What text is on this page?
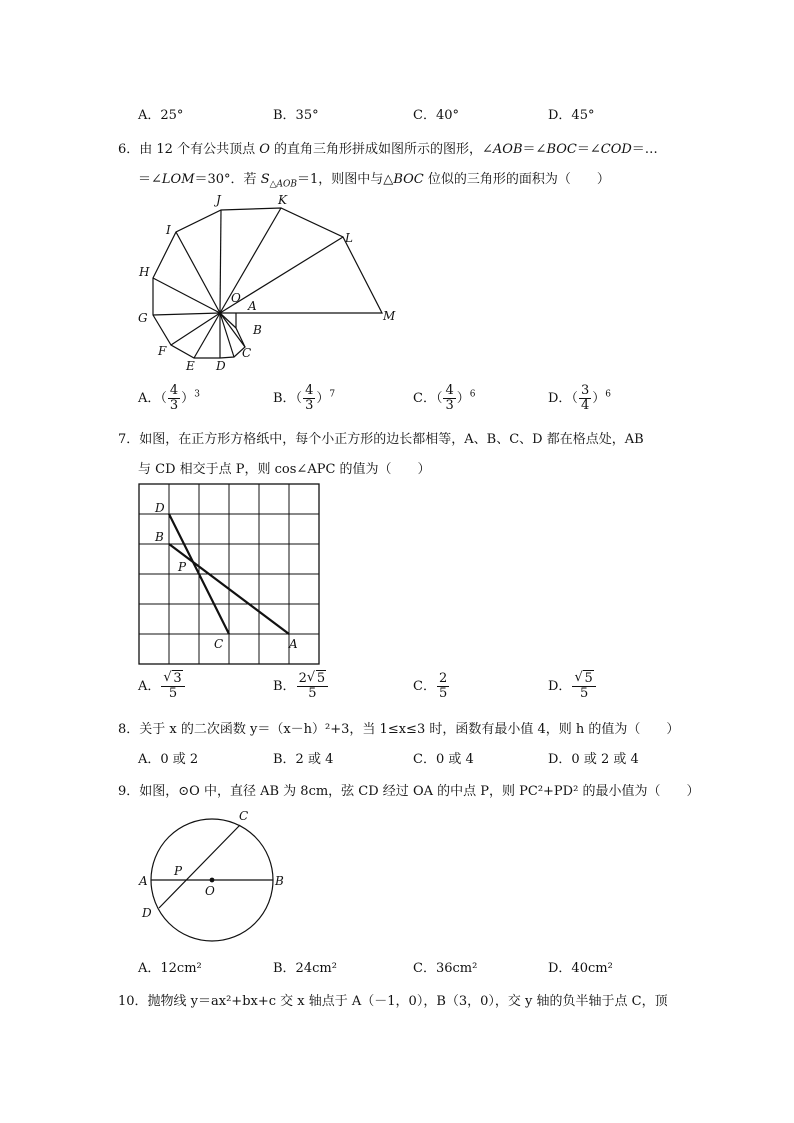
A．25°	B．35°	C．40°	D．45°
6．由 12 个有公共顶点 O 的直角三角形拼成如图所示的图形，∠AOB＝∠BOC＝∠COD＝…
＝∠LOM＝30°．若 $S_{\triangle AOB}=1$，则图中与△BOC 位似的三角形的面积为（　　）
J	K
I
L
H
O
A
M
G
B
F	C
E D
A．（ $\frac{4}{3} )^3$	B．（ $\frac{4}{3} )^7$	C．（ $\frac{4}{3} )^6$	D．（ $\frac{3}{4} )^6$
7．如图，在正方形方格纸中，每个小正方形的边长都相等，A、B、C、D 都在格点处，AB
与 CD 相交于点 P，则 cos∠APC 的值为（　　）
D
B
P
C	A
A． √ $\frac{3}{5}$	B． $\frac{2 √ 5}{5}$	C． $\frac{2}{5}$	D． √ $\frac{5}{5}$
8．关于 x 的二次函数 y＝（x－h）²+3，当 1≤x≤3 时，函数有最小值 4，则 h 的值为（　　）
A．0 或 2	B．2 或 4	C．0 或 4	D．0 或 2 或 4
9．如图，⊙O 中，直径 AB 为 8cm，弦 CD 经过 OA 的中点 P，则 PC²+PD² 的最小值为（　　）
C
P
A
O
B
D
A．12cm²	B．24cm²	C．36cm²	D．40cm²
10．抛物线 y＝ax²+bx+c 交 x 轴点于 A（－1，0），B（3，0），交 y 轴的负半轴于点 C，顶
